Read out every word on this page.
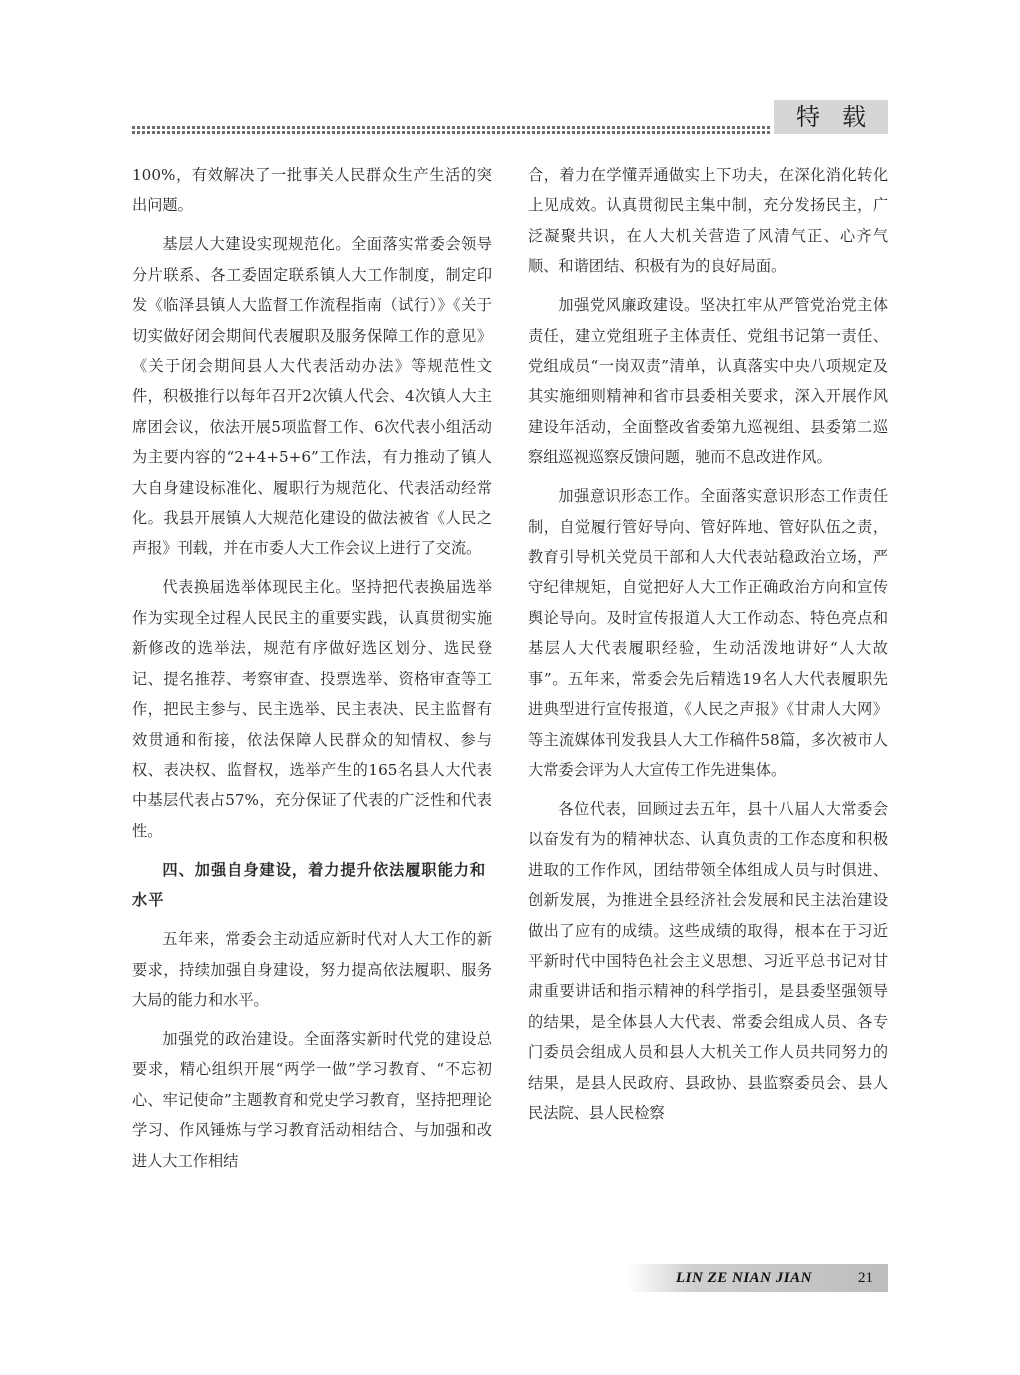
特载

100%，有效解决了一批事关人民群众生产生活的突出问题。

基层人大建设实现规范化。全面落实常委会领导分片联系、各工委固定联系镇人大工作制度，制定印发《临泽县镇人大监督工作流程指南（试行）》《关于切实做好闭会期间代表履职及服务保障工作的意见》《关于闭会期间县人大代表活动办法》等规范性文件，积极推行以每年召开2次镇人代会、4次镇人大主席团会议，依法开展5项监督工作、6次代表小组活动为主要内容的“2+4+5+6”工作法，有力推动了镇人大自身建设标准化、履职行为规范化、代表活动经常化。我县开展镇人大规范化建设的做法被省《人民之声报》刊载，并在市委人大工作会议上进行了交流。

代表换届选举体现民主化。坚持把代表换届选举作为实现全过程人民民主的重要实践，认真贯彻实施新修改的选举法，规范有序做好选区划分、选民登记、提名推荐、考察审查、投票选举、资格审查等工作，把民主参与、民主选举、民主表决、民主监督有效贯通和衔接，依法保障人民群众的知情权、参与权、表决权、监督权，选举产生的165名县人大代表中基层代表占57%，充分保证了代表的广泛性和代表性。

四、加强自身建设，着力提升依法履职能力和水平

五年来，常委会主动适应新时代对人大工作的新要求，持续加强自身建设，努力提高依法履职、服务大局的能力和水平。

加强党的政治建设。全面落实新时代党的建设总要求，精心组织开展“两学一做”学习教育、“不忘初心、牢记使命”主题教育和党史学习教育，坚持把理论学习、作风锤炼与学习教育活动相结合、与加强和改进人大工作相结

合，着力在学懂弄通做实上下功夫，在深化消化转化上见成效。认真贯彻民主集中制，充分发扬民主，广泛凝聚共识，在人大机关营造了风清气正、心齐气顺、和谐团结、积极有为的良好局面。

加强党风廉政建设。坚决扛牢从严管党治党主体责任，建立党组班子主体责任、党组书记第一责任、党组成员“一岗双责”清单，认真落实中央八项规定及其实施细则精神和省市县委相关要求，深入开展作风建设年活动，全面整改省委第九巡视组、县委第二巡察组巡视巡察反馈问题，驰而不息改进作风。

加强意识形态工作。全面落实意识形态工作责任制，自觉履行管好导向、管好阵地、管好队伍之责，教育引导机关党员干部和人大代表站稳政治立场，严守纪律规矩，自觉把好人大工作正确政治方向和宣传舆论导向。及时宣传报道人大工作动态、特色亮点和基层人大代表履职经验，生动活泼地讲好“人大故事”。五年来，常委会先后精选19名人大代表履职先进典型进行宣传报道，《人民之声报》《甘肃人大网》等主流媒体刊发我县人大工作稿件58篇，多次被市人大常委会评为人大宣传工作先进集体。

各位代表，回顾过去五年，县十八届人大常委会以奋发有为的精神状态、认真负责的工作态度和积极进取的工作作风，团结带领全体组成人员与时俱进、创新发展，为推进全县经济社会发展和民主法治建设做出了应有的成绩。这些成绩的取得，根本在于习近平新时代中国特色社会主义思想、习近平总书记对甘肃重要讲话和指示精神的科学指引，是县委坚强领导的结果，是全体县人大代表、常委会组成人员、各专门委员会组成人员和县人大机关工作人员共同努力的结果，是县人民政府、县政协、县监察委员会、县人民法院、县人民检察

LIN ZE NIAN JIAN	21
